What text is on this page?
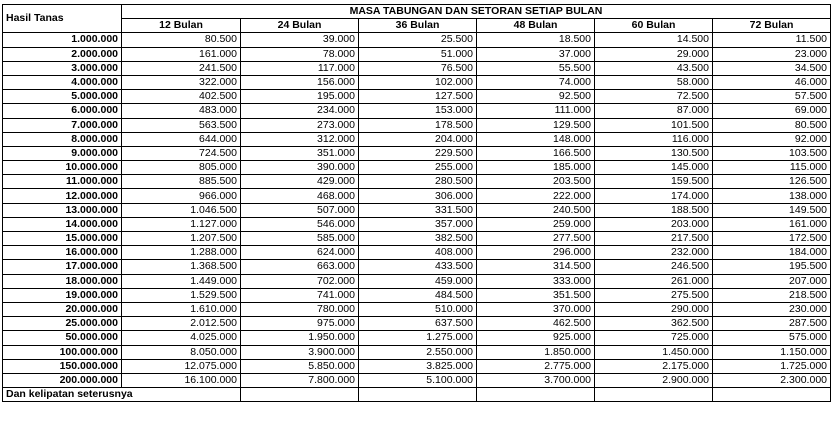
Hasil Tanas	MASA TABUNGAN DAN SETORAN SETIAP BULAN					
	12 Bulan	24 Bulan	36 Bulan	48 Bulan	60 Bulan	72 Bulan
1.000.000	80.500	39.000	25.500	18.500	14.500	11.500
2.000.000	161.000	78.000	51.000	37.000	29.000	23.000
3.000.000	241.500	117.000	76.500	55.500	43.500	34.500
4.000.000	322.000	156.000	102.000	74.000	58.000	46.000
5.000.000	402.500	195.000	127.500	92.500	72.500	57.500
6.000.000	483.000	234.000	153.000	111.000	87.000	69.000
7.000.000	563.500	273.000	178.500	129.500	101.500	80.500
8.000.000	644.000	312.000	204.000	148.000	116.000	92.000
9.000.000	724.500	351.000	229.500	166.500	130.500	103.500
10.000.000	805.000	390.000	255.000	185.000	145.000	115.000
11.000.000	885.500	429.000	280.500	203.500	159.500	126.500
12.000.000	966.000	468.000	306.000	222.000	174.000	138.000
13.000.000	1.046.500	507.000	331.500	240.500	188.500	149.500
14.000.000	1.127.000	546.000	357.000	259.000	203.000	161.000
15.000.000	1.207.500	585.000	382.500	277.500	217.500	172.500
16.000.000	1.288.000	624.000	408.000	296.000	232.000	184.000
17.000.000	1.368.500	663.000	433.500	314.500	246.500	195.500
18.000.000	1.449.000	702.000	459.000	333.000	261.000	207.000
19.000.000	1.529.500	741.000	484.500	351.500	275.500	218.500
20.000.000	1.610.000	780.000	510.000	370.000	290.000	230.000
25.000.000	2.012.500	975.000	637.500	462.500	362.500	287.500
50.000.000	4.025.000	1.950.000	1.275.000	925.000	725.000	575.000
100.000.000	8.050.000	3.900.000	2.550.000	1.850.000	1.450.000	1.150.000
150.000.000	12.075.000	5.850.000	3.825.000	2.775.000	2.175.000	1.725.000
200.000.000	16.100.000	7.800.000	5.100.000	3.700.000	2.900.000	2.300.000
Dan kelipatan seterusnya						
